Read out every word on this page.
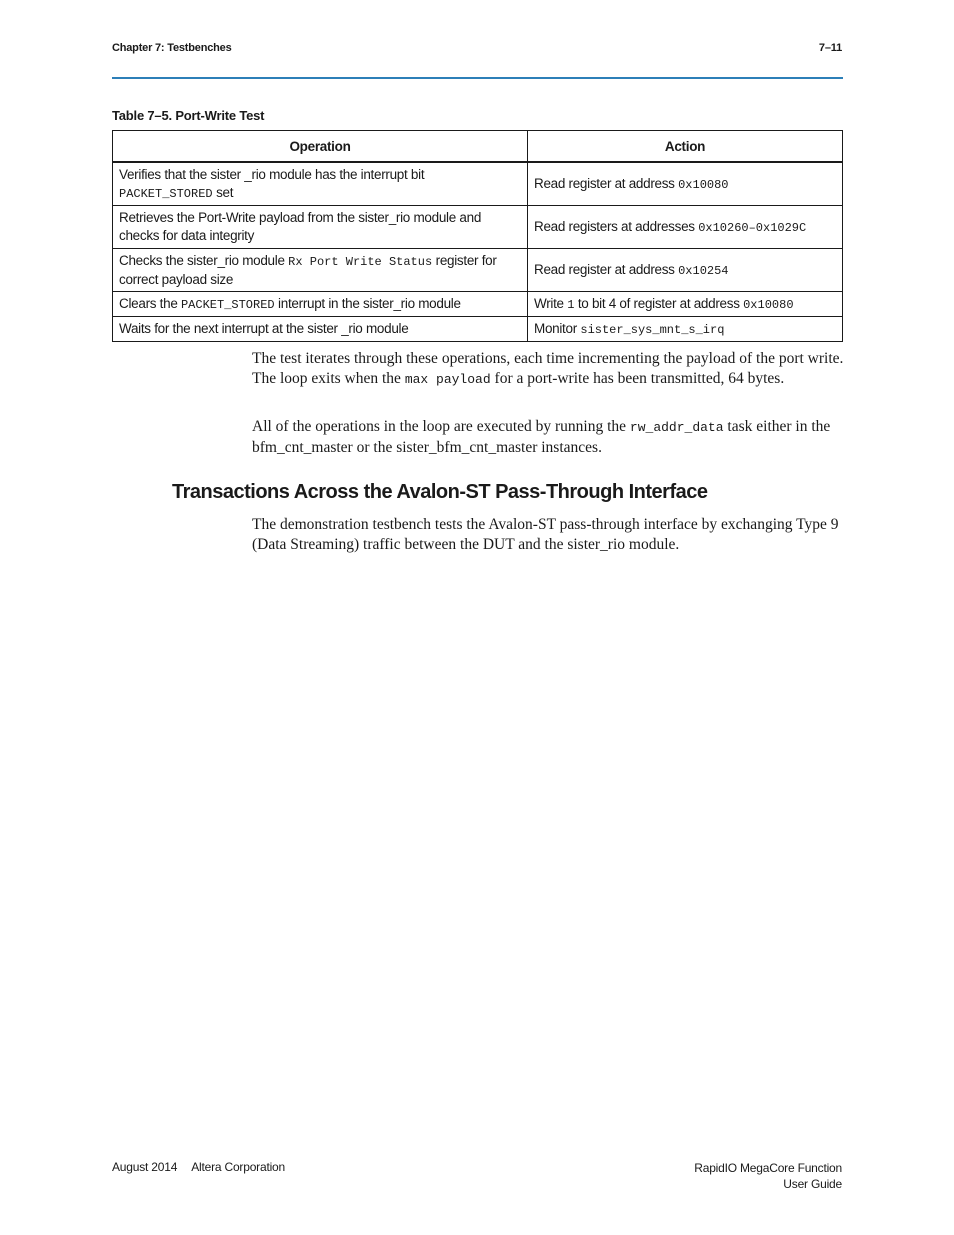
Chapter 7: Testbenches	7–11
Table 7–5. Port-Write Test
Operation	Action
Verifies that the sister _rio module has the interrupt bit PACKET_STORED set	Read register at address 0x10080
Retrieves the Port-Write payload from the sister_rio module and checks for data integrity	Read registers at addresses 0x10260–0x1029C
Checks the sister_rio module Rx Port Write Status register for correct payload size	Read register at address 0x10254
Clears the PACKET_STORED interrupt in the sister_rio module	Write 1 to bit 4 of register at address 0x10080
Waits for the next interrupt at the sister _rio module	Monitor sister_sys_mnt_s_irq
The test iterates through these operations, each time incrementing the payload of the port write. The loop exits when the max payload for a port-write has been transmitted, 64 bytes.
All of the operations in the loop are executed by running the rw_addr_data task either in the bfm_cnt_master or the sister_bfm_cnt_master instances.
Transactions Across the Avalon-ST Pass-Through Interface
The demonstration testbench tests the Avalon-ST pass-through interface by exchanging Type 9 (Data Streaming) traffic between the DUT and the sister_rio module.
August 2014 Altera Corporation	RapidIO MegaCore Function
User Guide
